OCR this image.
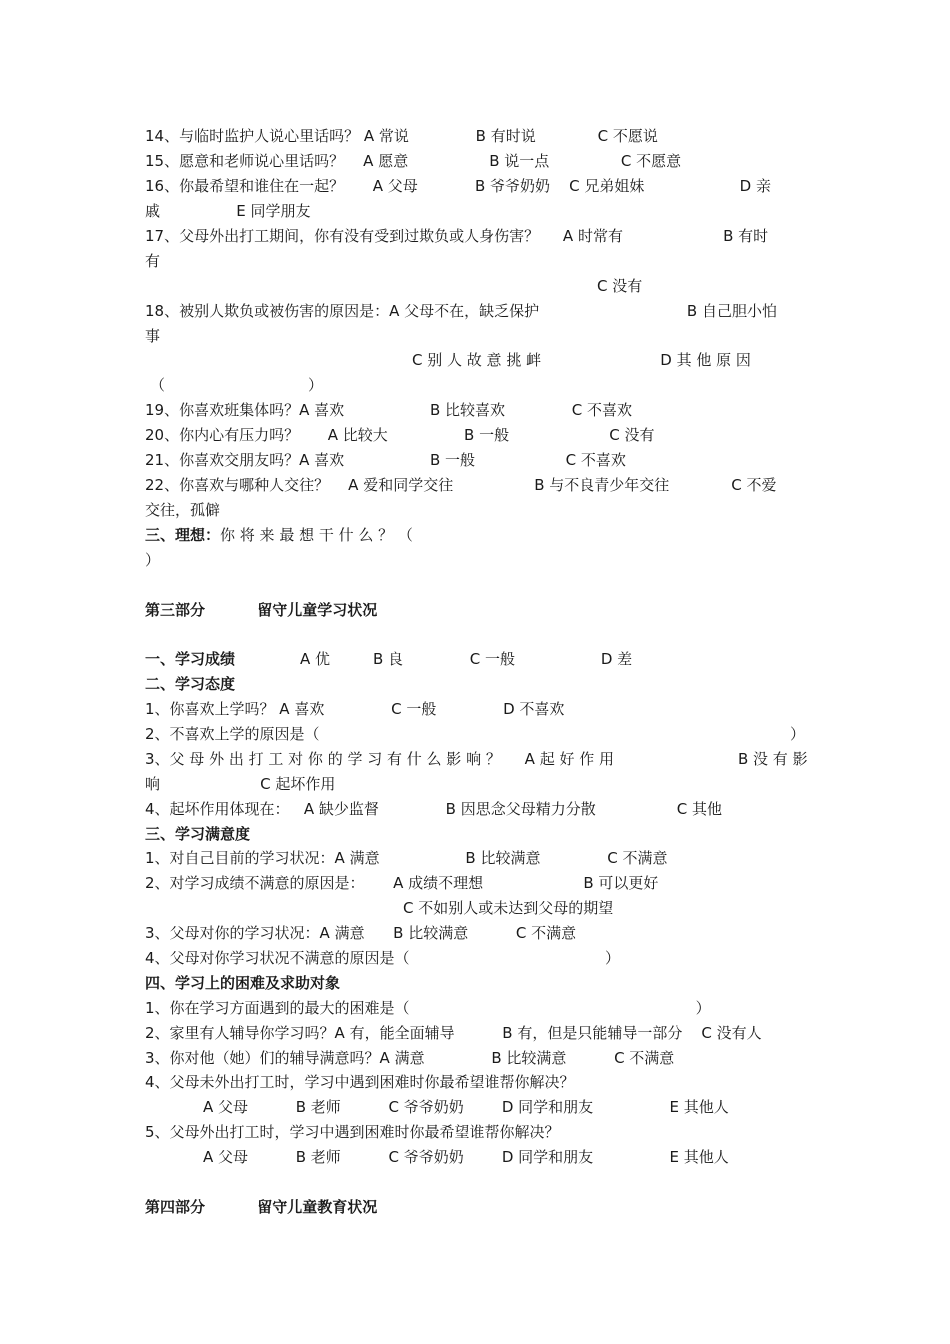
14、与临时监护人说心里话吗？ A 常说              B 有时说             C 不愿说
15、愿意和老师说心里话吗？    A 愿意                 B 说一点               C 不愿意
16、你最希望和谁住在一起？      A 父母            B 爷爷奶奶    C 兄弟姐妹                    D 亲
戚                E 同学朋友
17、父母外出打工期间，你有没有受到过欺负或人身伤害？     A 时常有                     B 有时
有
C 没有
18、被别人欺负或被伤害的原因是：A 父母不在，缺乏保护                               B 自己胆小怕
事
C 别 人 故 意 挑 衅                         D 其 他 原 因
（                              ）
19、你喜欢班集体吗？A 喜欢                  B 比较喜欢              C 不喜欢
20、你内心有压力吗？      A 比较大                B 一般                     C 没有
21、你喜欢交朋友吗？A 喜欢                  B 一般                   C 不喜欢
22、你喜欢与哪种人交往？    A 爱和同学交往                 B 与不良青少年交往             C 不爱
交往，孤僻
三、理想：你 将 来 最 想 干 什 么 ？ （
）
第三部分          留守儿童学习状况
一、学习成绩	A 优         B 良              C 一般                  D 差
二、学习态度
1、你喜欢上学吗？ A 喜欢              C 一般              D 不喜欢
2、不喜欢上学的原因是（	）
3、父 母 外 出 打 工 对 你 的 学 习 有 什 么 影 响 ？     A 起 好 作 用                          B 没 有 影
响                     C 起坏作用
4、起坏作用体现在：   A 缺少监督              B 因思念父母精力分散                 C 其他
三、学习满意度
1、对自己目前的学习状况：A 满意                  B 比较满意              C 不满意
2、对学习成绩不满意的原因是：      A 成绩不理想                     B 可以更好
C 不如别人或未达到父母的期望
3、父母对你的学习状况：A 满意      B 比较满意          C 不满意
4、父母对你学习状况不满意的原因是（                                         ）
四、学习上的困难及求助对象
1、你在学习方面遇到的最大的困难是（                                                            ）
2、家里有人辅导你学习吗？A 有，能全面辅导          B 有，但是只能辅导一部分    C 没有人
3、你对他（她）们的辅导满意吗？A 满意              B 比较满意          C 不满意
4、父母未外出打工时，学习中遇到困难时你最希望谁帮你解决？
A 父母          B 老师          C 爷爷奶奶        D 同学和朋友                E 其他人
5、父母外出打工时，学习中遇到困难时你最希望谁帮你解决？
A 父母          B 老师          C 爷爷奶奶        D 同学和朋友                E 其他人
第四部分          留守儿童教育状况
